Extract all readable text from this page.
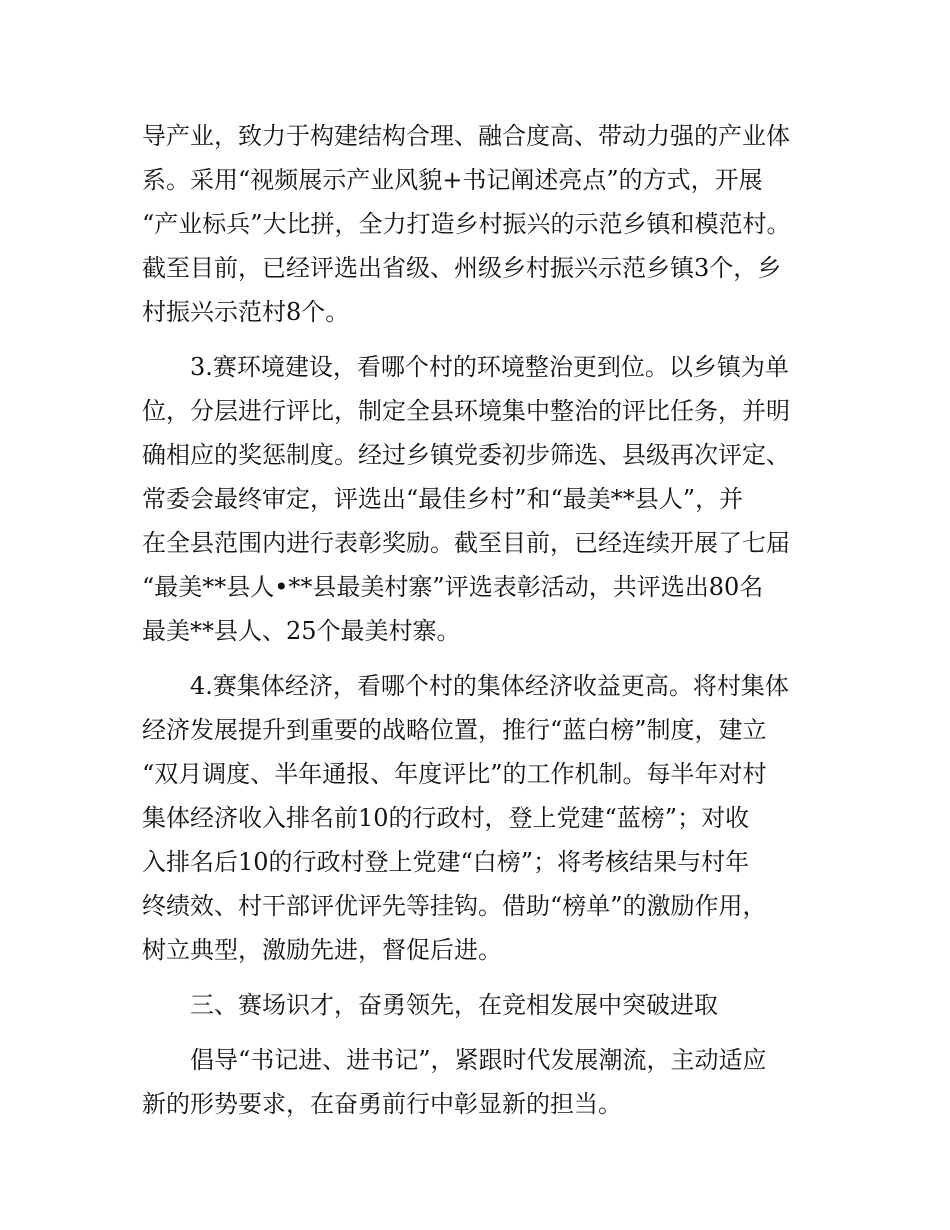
导产业，致力于构建结构合理、融合度高、带动力强的产业体

系。采用“视频展示产业风貌+书记阐述亮点”的方式，开展

“产业标兵”大比拼，全力打造乡村振兴的示范乡镇和模范村。

截至目前，已经评选出省级、州级乡村振兴示范乡镇3个，乡

村振兴示范村8个。

3.赛环境建设，看哪个村的环境整治更到位。以乡镇为单

位，分层进行评比，制定全县环境集中整治的评比任务，并明

确相应的奖惩制度。经过乡镇党委初步筛选、县级再次评定、

常委会最终审定，评选出“最佳乡村”和“最美**县人”，并

在全县范围内进行表彰奖励。截至目前，已经连续开展了七届

“最美**县人•**县最美村寨”评选表彰活动，共评选出80名

最美**县人、25个最美村寨。

4.赛集体经济，看哪个村的集体经济收益更高。将村集体

经济发展提升到重要的战略位置，推行“蓝白榜”制度，建立

“双月调度、半年通报、年度评比”的工作机制。每半年对村

集体经济收入排名前10的行政村，登上党建“蓝榜”；对收

入排名后10的行政村登上党建“白榜”；将考核结果与村年

终绩效、村干部评优评先等挂钩。借助“榜单”的激励作用，

树立典型，激励先进，督促后进。

三、赛场识才，奋勇领先，在竞相发展中突破进取

倡导“书记进、进书记”，紧跟时代发展潮流，主动适应

新的形势要求，在奋勇前行中彰显新的担当。
